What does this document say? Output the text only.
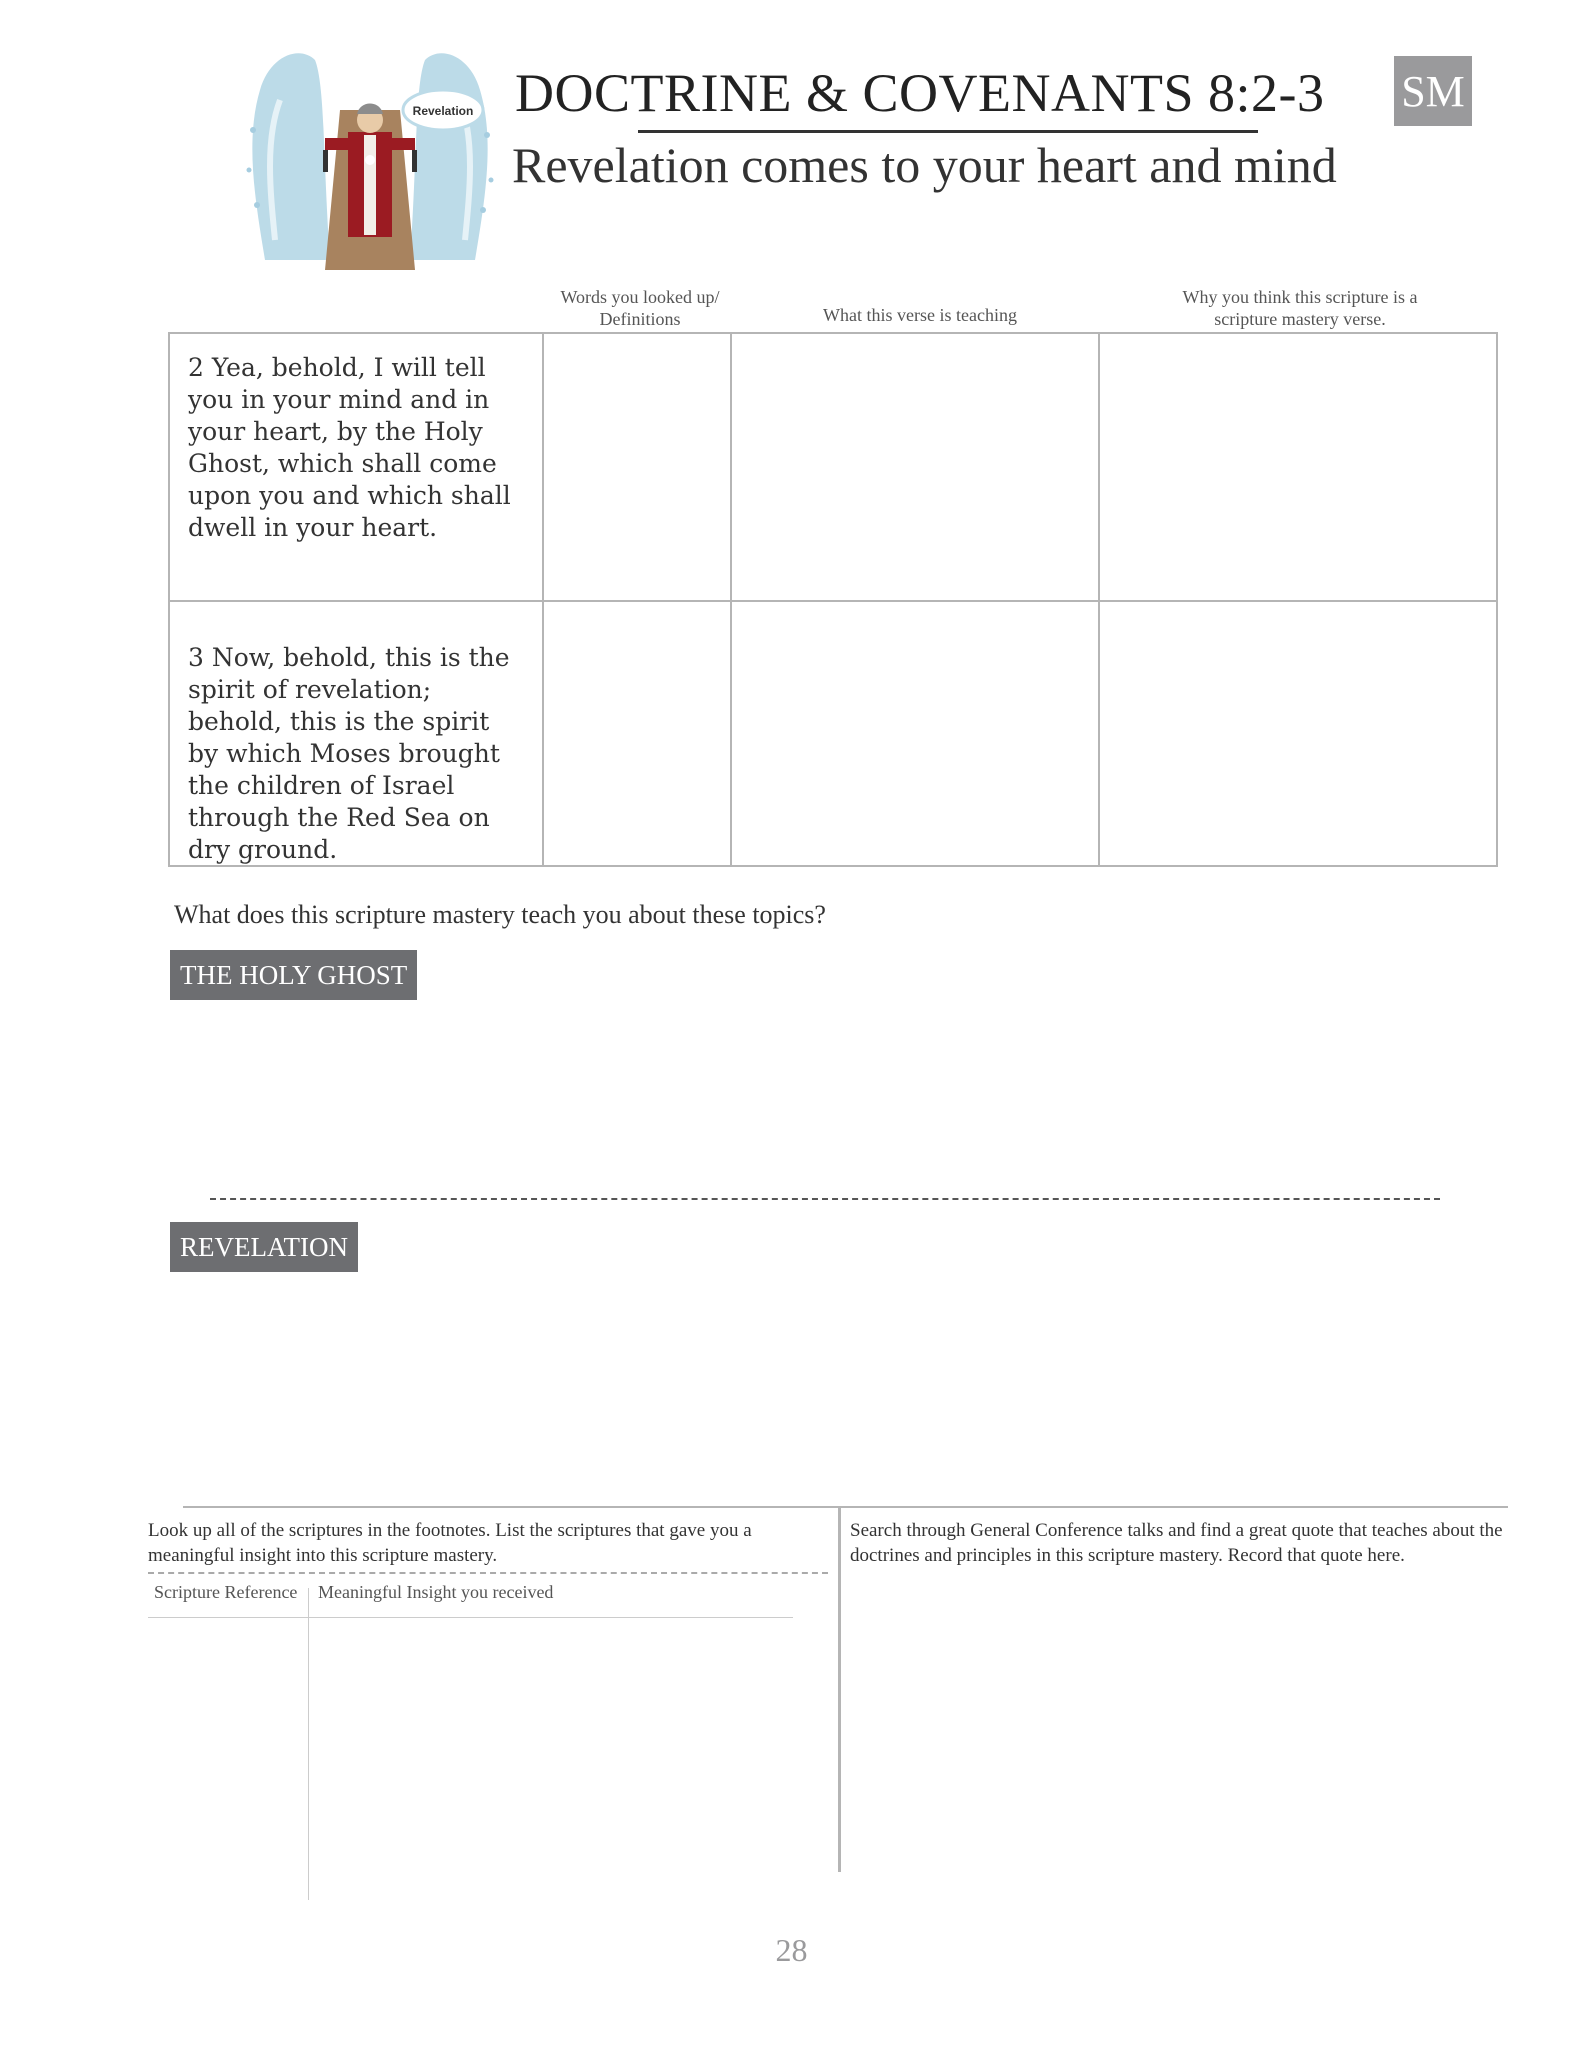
Revelation DOCTRINE & COVENANTS 8:2-3
Revelation comes to your heart and mind
SM
Words you looked up/ Definitions	What this verse is teaching
Why you think this scripture is a scripture mastery verse.
2 Yea, behold, I will tell you in your mind and in your heart, by the Holy Ghost, which shall come upon you and which shall dwell in your heart.
3 Now, behold, this is the spirit of revelation; behold, this is the spirit by which Moses brought the children of Israel through the Red Sea on dry ground.
What does this scripture mastery teach you about these topics?
THE HOLY GHOST
REVELATION
Look up all of the scriptures in the footnotes. List the scriptures that gave you a meaningful insight into this scripture mastery.
Scripture Reference Meaningful Insight you received
Search through General Conference talks and find a great quote that teaches about the doctrines and principles in this scripture mastery. Record that quote here.
28
